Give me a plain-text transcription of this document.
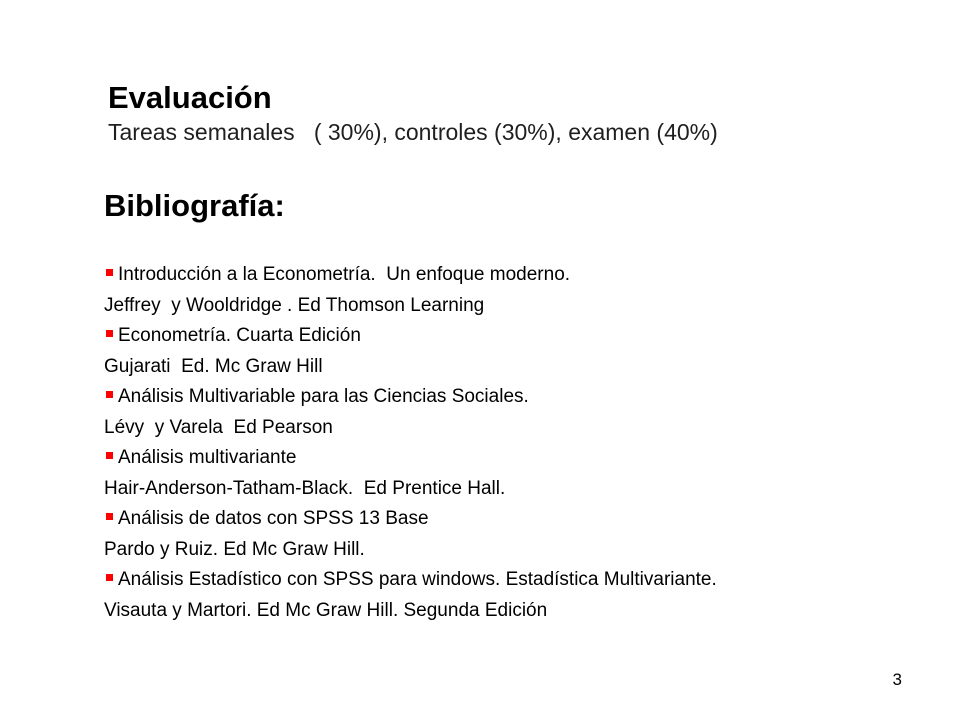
Evaluación
Tareas semanales   ( 30%), controles (30%), examen (40%)
Bibliografía:
Introducción a la Econometría.  Un enfoque moderno.
Jeffrey  y Wooldridge . Ed Thomson Learning
Econometría. Cuarta Edición
Gujarati  Ed. Mc Graw Hill
Análisis Multivariable para las Ciencias Sociales.
Lévy  y Varela  Ed Pearson
Análisis multivariante
Hair-Anderson-Tatham-Black.  Ed Prentice Hall.
Análisis de datos con SPSS 13 Base
Pardo y Ruiz. Ed Mc Graw Hill.
Análisis Estadístico con SPSS para windows. Estadística Multivariante.
Visauta y Martori. Ed Mc Graw Hill. Segunda Edición
3
